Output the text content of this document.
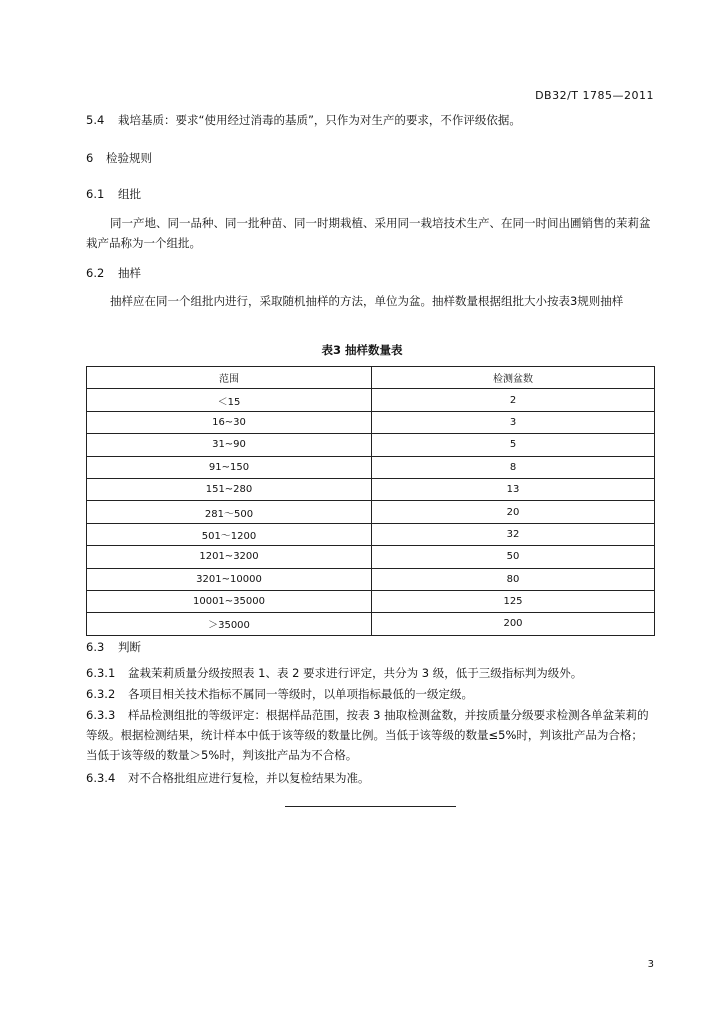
DB32/T 1785—2011
5.4 栽培基质：要求“使用经过消毒的基质”，只作为对生产的要求，不作评级依据。
6 检验规则
6.1 组批
同一产地、同一品种、同一批种苗、同一时期栽植、采用同一栽培技术生产、在同一时间出圃销售的茉莉盆栽产品称为一个组批。
6.2 抽样
抽样应在同一个组批内进行，采取随机抽样的方法，单位为盆。抽样数量根据组批大小按表3规则抽样
表3 抽样数量表
范围	检测盆数
＜15	2
16~30	3
31~90	5
91~150	8
151~280	13
281～500	20
501～1200	32
1201~3200	50
3201~10000	80
10001~35000	125
＞35000	200
6.3 判断
6.3.1 盆栽茉莉质量分级按照表 1、表 2 要求进行评定，共分为 3 级，低于三级指标判为级外。
6.3.2 各项目相关技术指标不属同一等级时，以单项指标最低的一级定级。
6.3.3 样品检测组批的等级评定：根据样品范围，按表 3 抽取检测盆数，并按质量分级要求检测各单盆茉莉的等级。根据检测结果，统计样本中低于该等级的数量比例。当低于该等级的数量≤5%时，判该批产品为合格；当低于该等级的数量＞5%时，判该批产品为不合格。
6.3.4 对不合格批组应进行复检，并以复检结果为准。
3
